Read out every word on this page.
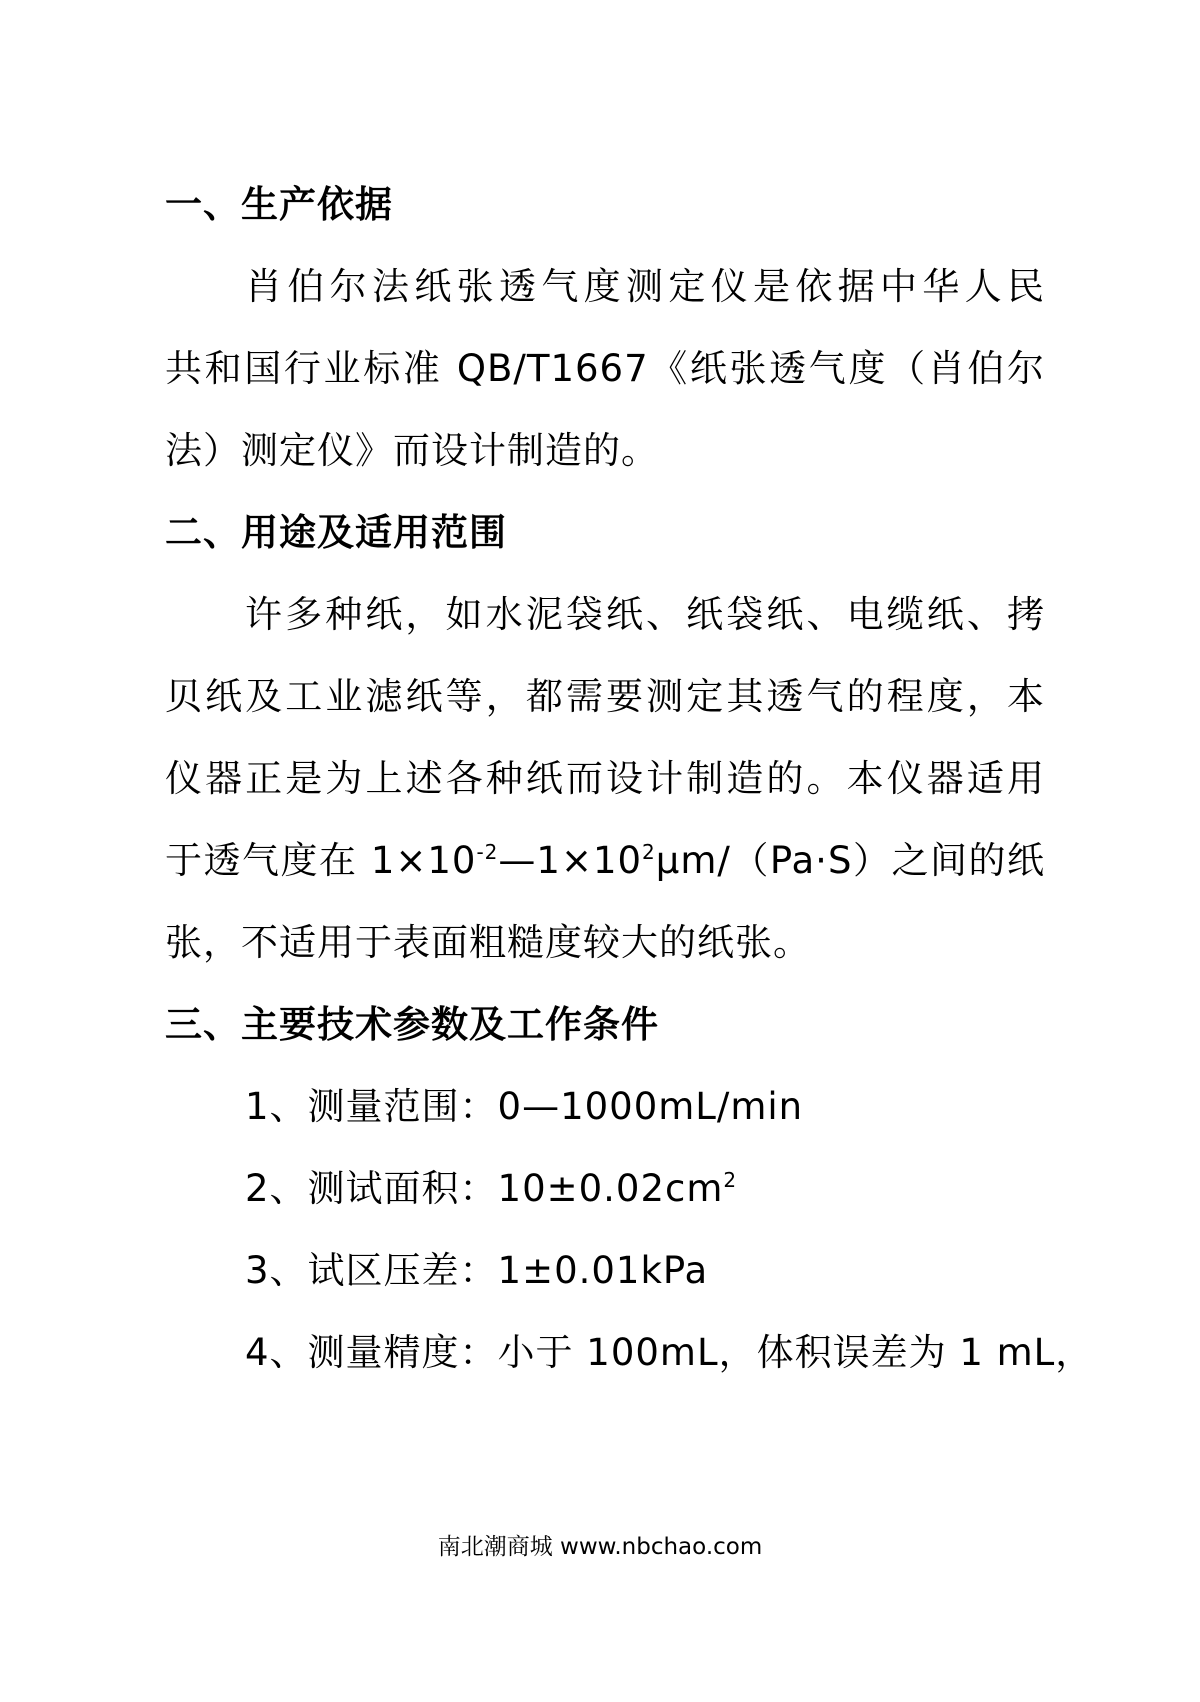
一、生产依据
肖伯尔法纸张透气度测定仪是依据中华人民
共和国行业标准 QB/T1667《纸张透气度（肖伯尔
法）测定仪》而设计制造的。
二、用途及适用范围
许多种纸，如水泥袋纸、纸袋纸、电缆纸、拷
贝纸及工业滤纸等，都需要测定其透气的程度，本
仪器正是为上述各种纸而设计制造的。本仪器适用
于透气度在 $1\times 10^{-2}—1\times 10^2\mu m/(Pa\cdot S)$之间的纸
张，不适用于表面粗糙度较大的纸张。
三、主要技术参数及工作条件
1、测量范围：0—1000mL/min
2、测试面积：$10\pm 0.02cm^2$
3、试区压差：1±0.01kPa
4、测量精度：小于 100mL，体积误差为 1 mL，
南北潮商城 www.nbchao.com
